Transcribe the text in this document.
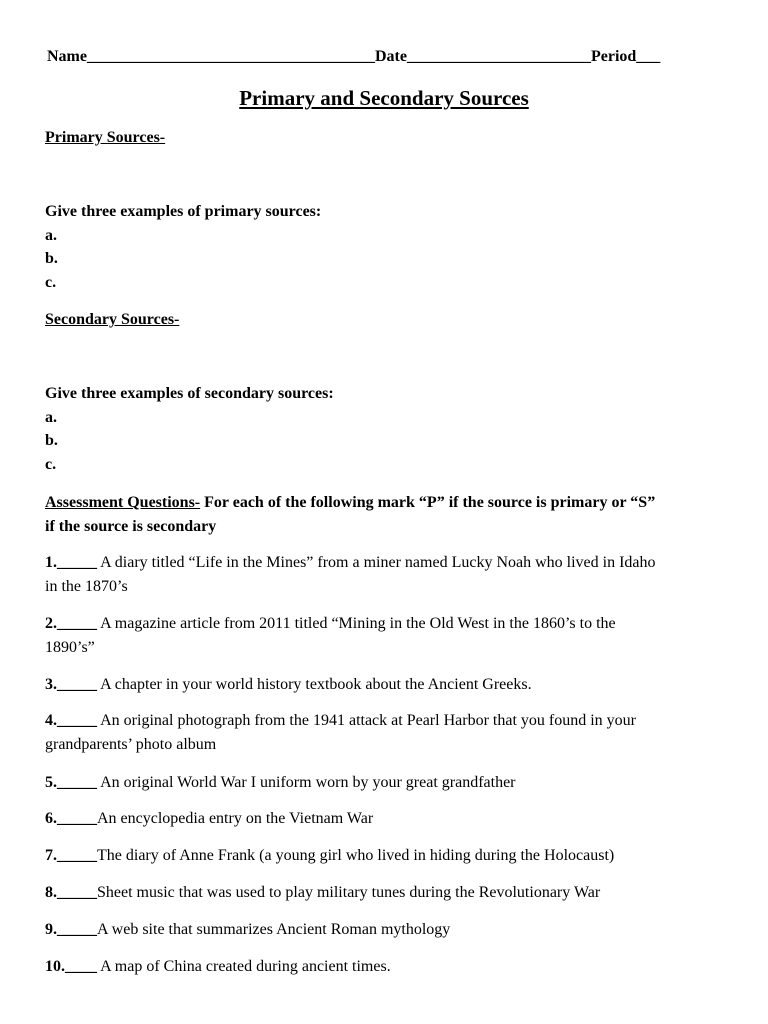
Name____________________________________Date_______________________Period___
Primary and Secondary Sources
Primary Sources-
Give three examples of primary sources:
a.
b.
c.
Secondary Sources-
Give three examples of secondary sources:
a.
b.
c.
Assessment Questions- For each of the following mark “P” if the source is primary or “S”
if the source is secondary
1._____ A diary titled “Life in the Mines” from a miner named Lucky Noah who lived in Idaho
in the 1870’s
2._____ A magazine article from 2011 titled “Mining in the Old West in the 1860’s to the
1890’s”
3._____ A chapter in your world history textbook about the Ancient Greeks.
4._____ An original photograph from the 1941 attack at Pearl Harbor that you found in your
grandparents’ photo album
5._____ An original World War I uniform worn by your great grandfather
6._____An encyclopedia entry on the Vietnam War
7._____The diary of Anne Frank (a young girl who lived in hiding during the Holocaust)
8._____Sheet music that was used to play military tunes during the Revolutionary War
9._____A web site that summarizes Ancient Roman mythology
10.____ A map of China created during ancient times.
